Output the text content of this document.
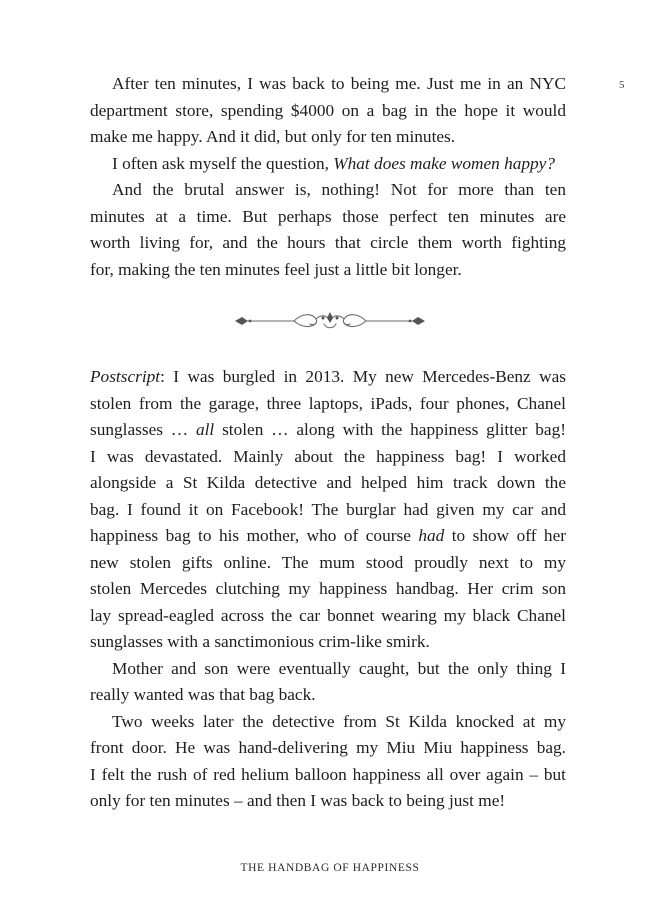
5

After ten minutes, I was back to being me. Just me in an NYC
department store, spending $4000 on a bag in the hope it would
make me happy. And it did, but only for ten minutes.

I often ask myself the question, What does make women happy?

And the brutal answer is, nothing! Not for more than ten
minutes at a time. But perhaps those perfect ten minutes are
worth living for, and the hours that circle them worth fighting
for, making the ten minutes feel just a little bit longer.

Postscript: I was burgled in 2013. My new Mercedes-Benz was
stolen from the garage, three laptops, iPads, four phones, Chanel
sunglasses … all stolen … along with the happiness glitter bag!
I was devastated. Mainly about the happiness bag! I worked
alongside a St Kilda detective and helped him track down the
bag. I found it on Facebook! The burglar had given my car and
happiness bag to his mother, who of course had to show off her
new stolen gifts online. The mum stood proudly next to my
stolen Mercedes clutching my happiness handbag. Her crim son
lay spread-eagled across the car bonnet wearing my black Chanel
sunglasses with a sanctimonious crim-like smirk.

Mother and son were eventually caught, but the only thing I
really wanted was that bag back.

Two weeks later the detective from St Kilda knocked at my
front door. He was hand-delivering my Miu Miu happiness bag.
I felt the rush of red helium balloon happiness all over again – but
only for ten minutes – and then I was back to being just me!

THE HANDBAG OF HAPPINESS
